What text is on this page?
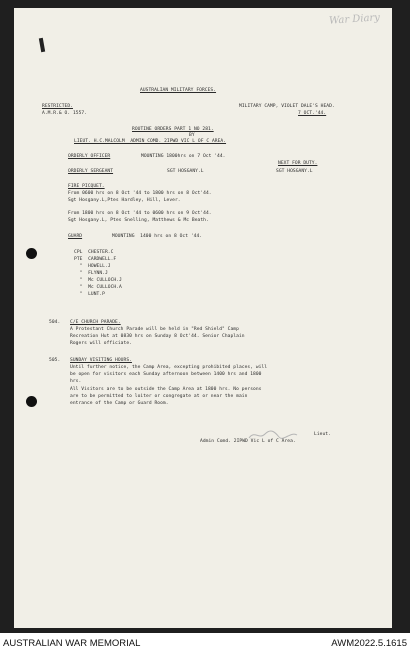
War Diary
AUSTRALIAN MILITARY FORCES.
RESTRICTED.
A.M.R.& O. 1557.
MILITARY CAMP, VIOLET DALE'S HEAD.
7 OCT.'44.
ROUTINE ORDERS PART 1 NO 281.
BY
LIEUT. H.C.MALCOLM  ADMIN COMD. 2IPWD VIC L OF C AREA.
ORDERLY OFFICER	MOUNTING 1800hrs on 7 Oct '44.
NEXT FOR DUTY.
ORDERLY SERGEANT	SGT HOSGANY.L	SGT HOSGANY.L
FIRE PICQUET.
From 0600 hrs on 8 Oct '44 to 1800 hrs on 8 Oct'44.
Sgt Hosgany.L,Ptes Hardley, Hill, Lever.
From 1800 hrs on 8 Oct '44 to 0600 hrs on 9 Oct'44.
Sgt Hosgany.L, Ptes Snelling, Matthews & Mc Beath.
GUARD	MOUNTING  1400 hrs on 8 Oct '44.
CPL  CHESTER.C
PTE  CARDWELL.F
"  HOWELL.J
"  FLYNN.J
"  Mc CULLOCH.J
"  Mc CULLOCH.A
"  LUNT.P
504. C/E CHURCH PARADE.
A Protestant Church Parade will be held in "Red Shield" Camp
Recreation Hut at 0830 hrs on Sunday 8 Oct'44. Senior Chaplain
Rogers will officiate.
505. SUNDAY VISITING HOURS.
Until further notice, the Camp Area, excepting prohibited places, will
be open for visitors each Sunday afternoon between 1400 hrs and 1800
hrs.
All Visitors are to be outside the Camp Area at 1800 hrs. No persons
are to be permitted to loiter or congregate at or near the main
entrance of the Camp or Guard Room.
Lieut.
Admin Comd. 2IPWD Vic L of C Area.
AUSTRALIAN WAR MEMORIAL	AWM2022.5.1615
